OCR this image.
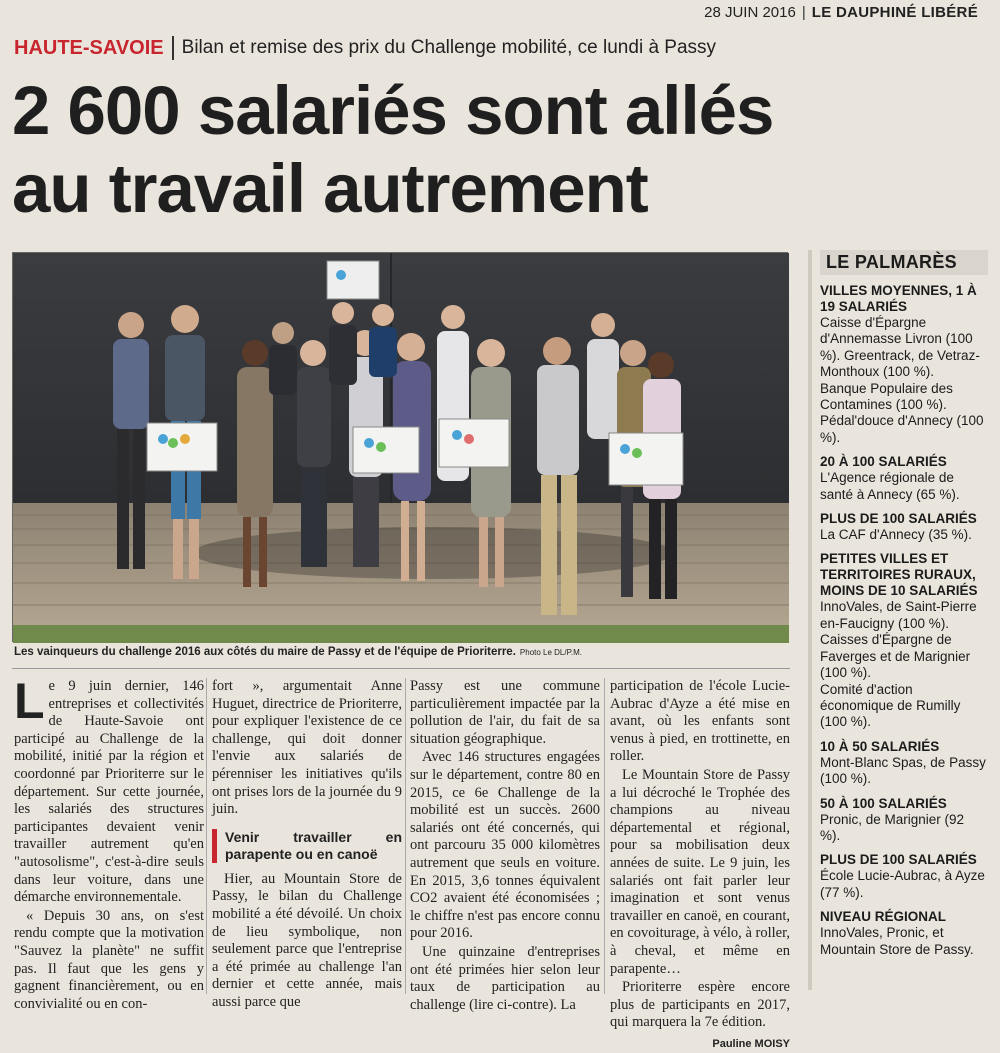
28 JUIN 2016 | LE DAUPHINÉ LIBÉRÉ
HAUTE-SAVOIE Bilan et remise des prix du Challenge mobilité, ce lundi à Passy
2 600 salariés sont allés
au travail autrement
Les vainqueurs du challenge 2016 aux côtés du maire de Passy et de l'équipe de Prioriterre. Photo Le DL/P.M.

Le 9 juin dernier, 146 entreprises et collectivités de Haute-Savoie ont participé au Challenge de la mobilité, initié par la région et coordonné par Prioriterre sur le département. Sur cette journée, les salariés des structures participantes devaient venir travailler autrement qu'en "autosolisme", c'est-à-dire seuls dans leur voiture, dans une démarche environnementale.

« Depuis 30 ans, on s'est rendu compte que la motivation "Sauvez la planète" ne suffit pas. Il faut que les gens y gagnent financièrement, ou en convivialité ou en con-

fort », argumentait Anne Huguet, directrice de Prioriterre, pour expliquer l'existence de ce challenge, qui doit donner l'envie aux salariés de pérenniser les initiatives qu'ils ont prises lors de la journée du 9 juin.

Venir travailler en parapente ou en canoë

Hier, au Mountain Store de Passy, le bilan du Challenge mobilité a été dévoilé. Un choix de lieu symbolique, non seulement parce que l'entreprise a été primée au challenge l'an dernier et cette année, mais aussi parce que

Passy est une commune particulièrement impactée par la pollution de l'air, du fait de sa situation géographique.

Avec 146 structures engagées sur le département, contre 80 en 2015, ce 6e Challenge de la mobilité est un succès. 2600 salariés ont été concernés, qui ont parcouru 35 000 kilomètres autrement que seuls en voiture. En 2015, 3,6 tonnes équivalent CO2 avaient été économisées ; le chiffre n'est pas encore connu pour 2016.

Une quinzaine d'entreprises ont été primées hier selon leur taux de participation au challenge (lire ci-contre). La

participation de l'école Lucie-Aubrac d'Ayze a été mise en avant, où les enfants sont venus à pied, en trottinette, en roller.

Le Mountain Store de Passy a lui décroché le Trophée des champions au niveau départemental et régional, pour sa mobilisation deux années de suite. Le 9 juin, les salariés ont fait parler leur imagination et sont venus travailler en canoë, en courant, en covoiturage, à vélo, à roller, à cheval, et même en parapente…

Prioriterre espère encore plus de participants en 2017, qui marquera la 7e édition.

Pauline MOISY
LE PALMARÈS
VILLES MOYENNES, 1 À 19 SALARIÉS
Caisse d'Épargne d'Annemasse Livron (100 %). Greentrack, de Vetraz-Monthoux (100 %).
Banque Populaire des Contamines (100 %).
Pédal'douce d'Annecy (100 %).
20 À 100 SALARIÉS
L'Agence régionale de santé à Annecy (65 %).
PLUS DE 100 SALARIÉS
La CAF d'Annecy (35 %).
PETITES VILLES ET TERRITOIRES RURAUX, MOINS DE 10 SALARIÉS
InnoVales, de Saint-Pierre en-Faucigny (100 %).
Caisses d'Épargne de Faverges et de Marignier (100 %).
Comité d'action économique de Rumilly (100 %).
10 À 50 SALARIÉS
Mont-Blanc Spas, de Passy (100 %).
50 À 100 SALARIÉS
Pronic, de Marignier (92 %).
PLUS DE 100 SALARIÉS
École Lucie-Aubrac, à Ayze (77 %).
NIVEAU RÉGIONAL
InnoVales, Pronic, et Mountain Store de Passy.
